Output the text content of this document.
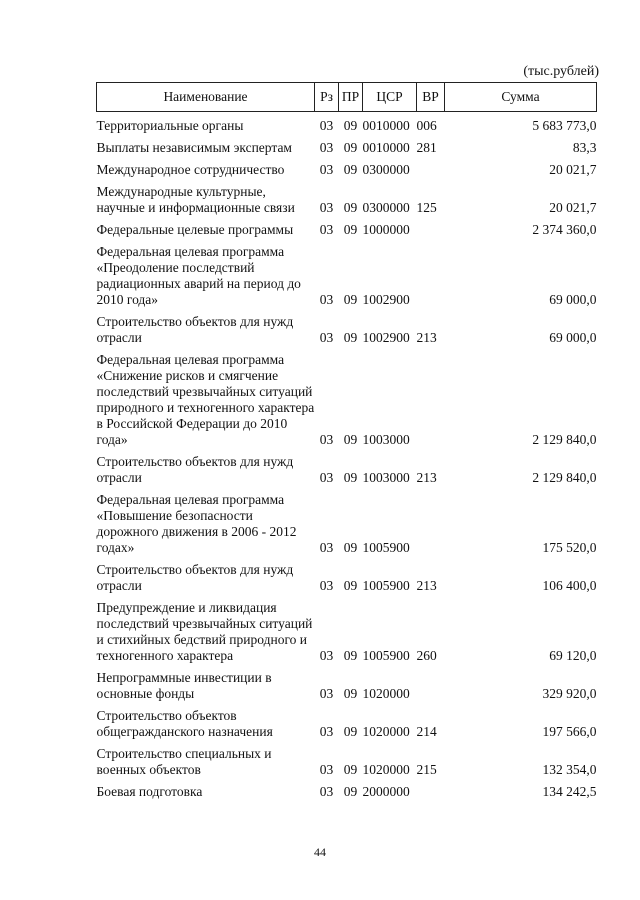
(тыс.рублей)
Наименование	Рз	ПР	ЦСР	ВР	Сумма
Территориальные органы	03	09	0010000	006	5 683 773,0
Выплаты независимым экспертам	03	09	0010000	281	83,3
Международное сотрудничество	03	09	0300000		20 021,7
Международные культурные, научные и информационные связи	03	09	0300000	125	20 021,7
Федеральные целевые программы	03	09	1000000		2 374 360,0
Федеральная целевая программа «Преодоление последствий радиационных аварий на период до 2010 года»	03	09	1002900		69 000,0
Строительство объектов для нужд отрасли	03	09	1002900	213	69 000,0
Федеральная целевая программа «Снижение рисков и смягчение последствий чрезвычайных ситуаций природного и техногенного характера в Российской Федерации до 2010 года»	03	09	1003000		2 129 840,0
Строительство объектов для нужд отрасли	03	09	1003000	213	2 129 840,0
Федеральная целевая программа «Повышение безопасности дорожного движения в 2006 - 2012 годах»	03	09	1005900		175 520,0
Строительство объектов для нужд отрасли	03	09	1005900	213	106 400,0
Предупреждение и ликвидация последствий чрезвычайных ситуаций и стихийных бедствий природного и техногенного характера	03	09	1005900	260	69 120,0
Непрограммные инвестиции в основные фонды	03	09	1020000		329 920,0
Строительство объектов общегражданского назначения	03	09	1020000	214	197 566,0
Строительство специальных и военных объектов	03	09	1020000	215	132 354,0
Боевая подготовка	03	09	2000000		134 242,5
44
